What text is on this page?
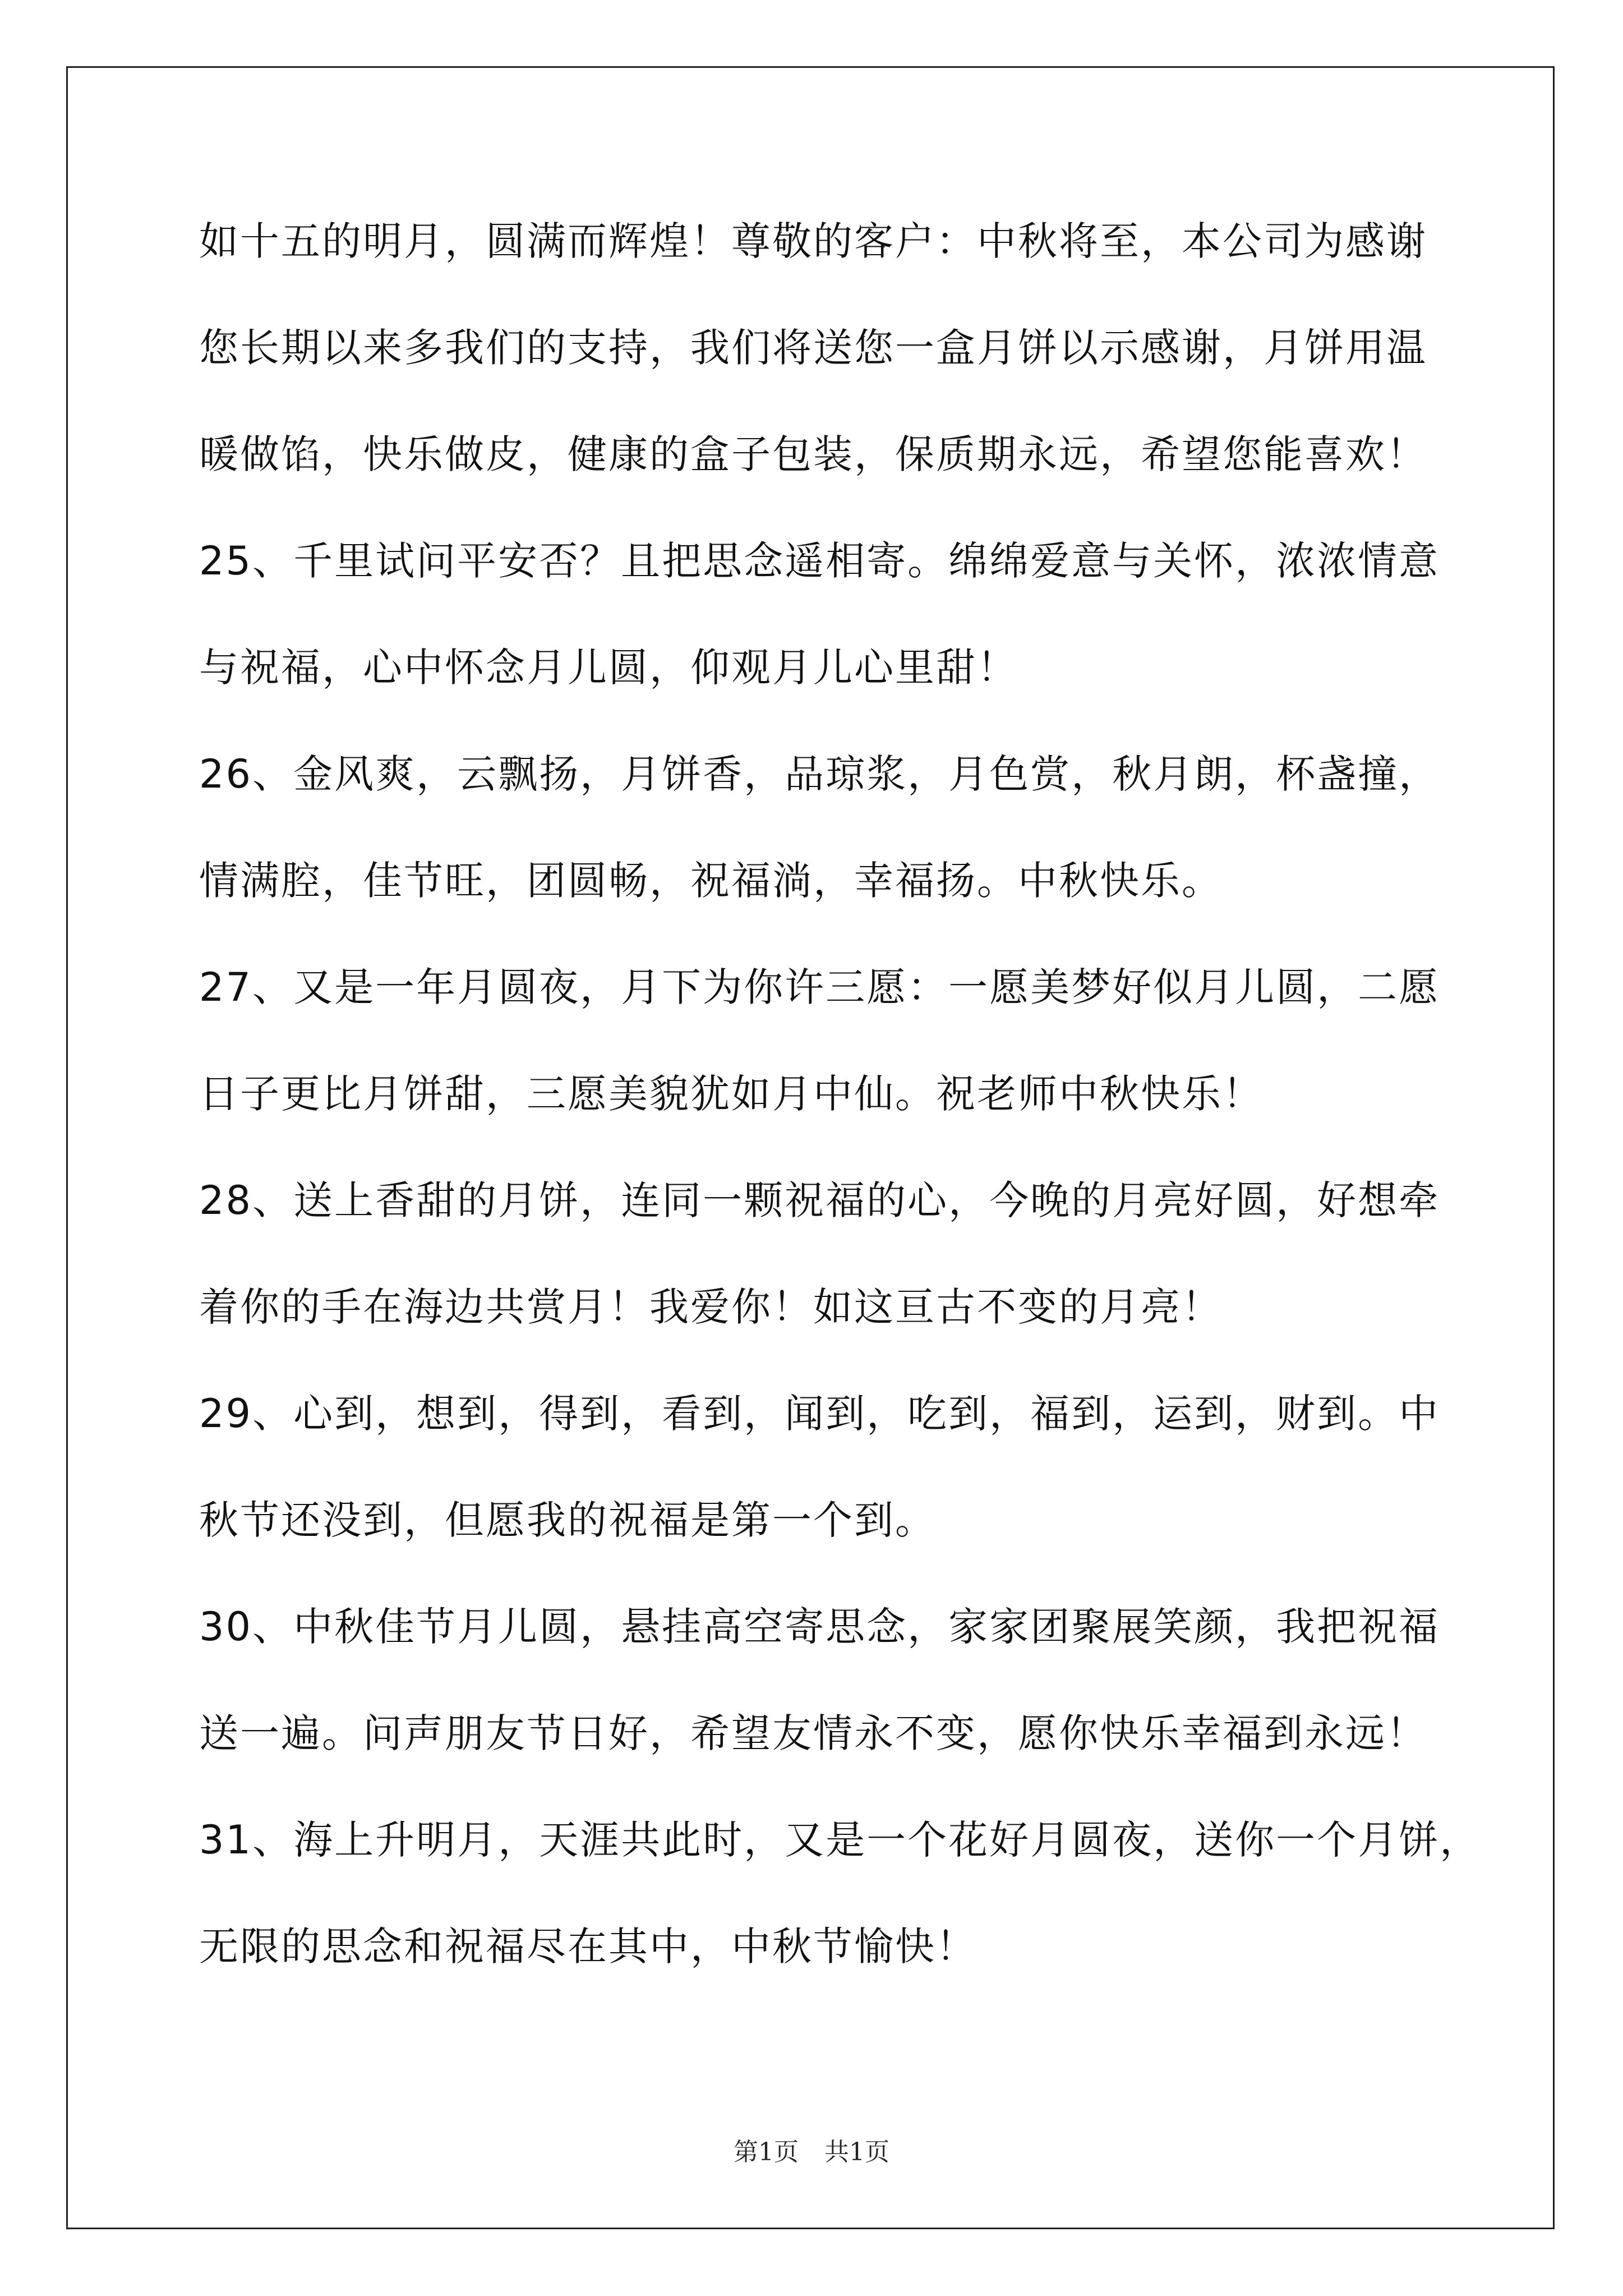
如十五的明月，圆满而辉煌！尊敬的客户：中秋将至，本公司为感谢
您长期以来多我们的支持，我们将送您一盒月饼以示感谢，月饼用温
暖做馅，快乐做皮，健康的盒子包装，保质期永远，希望您能喜欢！
25、千里试问平安否？且把思念遥相寄。绵绵爱意与关怀，浓浓情意
与祝福，心中怀念月儿圆，仰观月儿心里甜！
26、金风爽，云飘扬，月饼香，品琼浆，月色赏，秋月朗，杯盏撞，
情满腔，佳节旺，团圆畅，祝福淌，幸福扬。中秋快乐。
27、又是一年月圆夜，月下为你许三愿：一愿美梦好似月儿圆，二愿
日子更比月饼甜，三愿美貌犹如月中仙。祝老师中秋快乐！
28、送上香甜的月饼，连同一颗祝福的心，今晚的月亮好圆，好想牵
着你的手在海边共赏月！我爱你！如这亘古不变的月亮！
29、心到，想到，得到，看到，闻到，吃到，福到，运到，财到。中
秋节还没到，但愿我的祝福是第一个到。
30、中秋佳节月儿圆，悬挂高空寄思念，家家团聚展笑颜，我把祝福
送一遍。问声朋友节日好，希望友情永不变，愿你快乐幸福到永远！
31、海上升明月，天涯共此时，又是一个花好月圆夜，送你一个月饼，
无限的思念和祝福尽在其中，中秋节愉快！
第1页 共1页
